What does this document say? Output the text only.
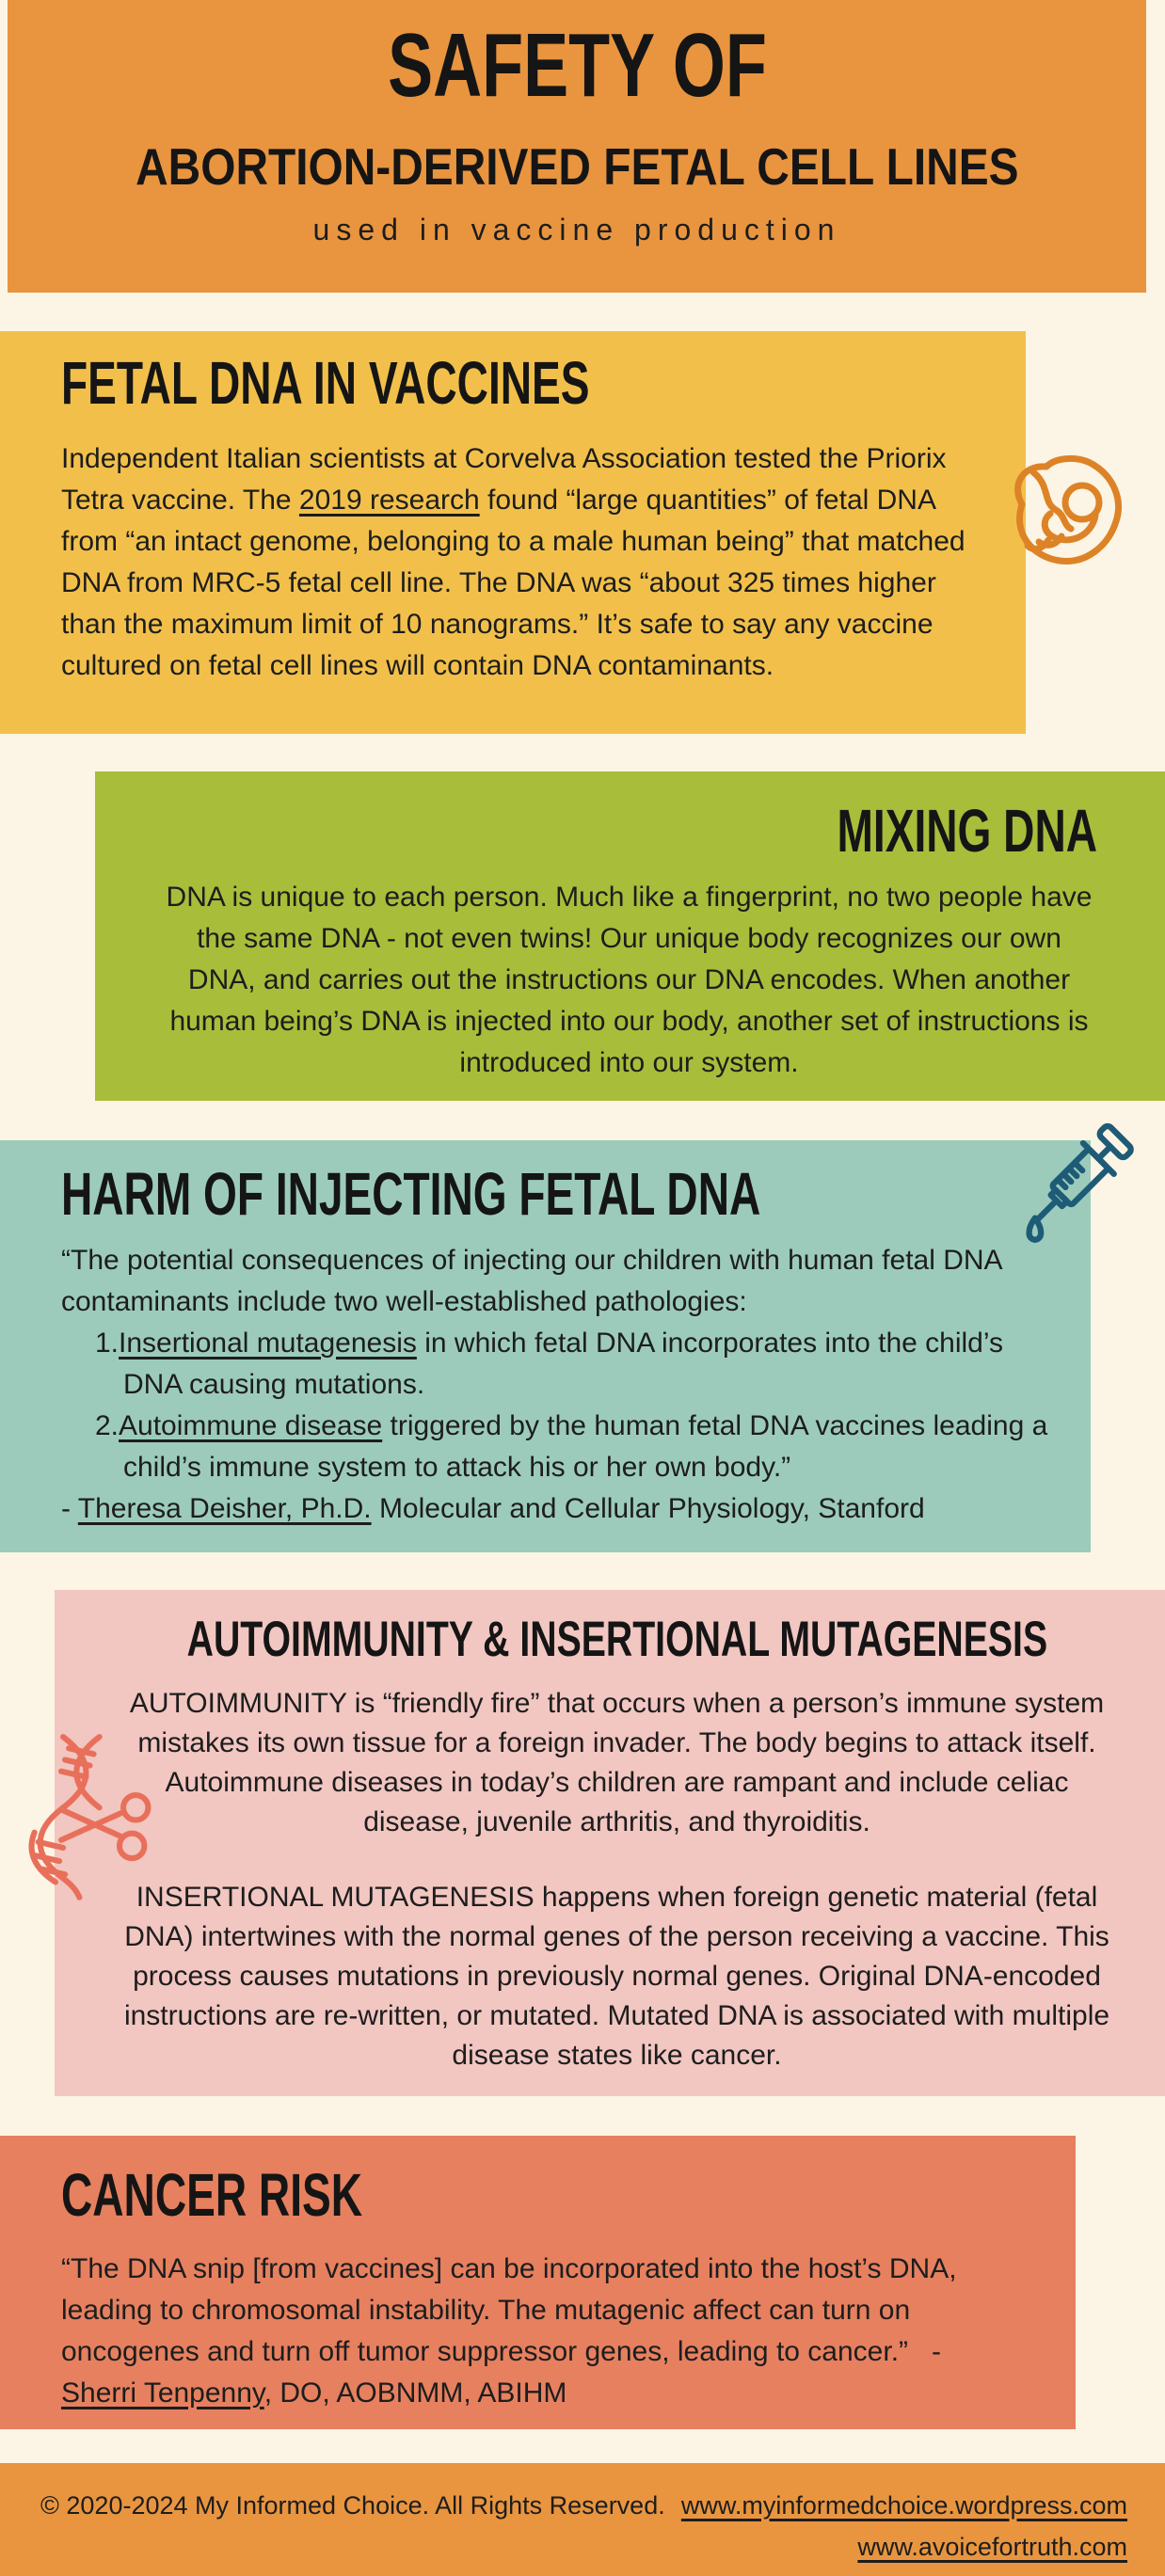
SAFETY OF
ABORTION-DERIVED FETAL CELL LINES
used in vaccine production
FETAL DNA IN VACCINES

Independent Italian scientists at Corvelva Association tested the Priorix Tetra vaccine. The 2019 research found “large quantities” of fetal DNA from “an intact genome, belonging to a male human being” that matched DNA from MRC-5 fetal cell line. The DNA was “about 325 times higher than the maximum limit of 10 nanograms.” It’s safe to say any vaccine cultured on fetal cell lines will contain DNA contaminants.

MIXING DNA

DNA is unique to each person. Much like a fingerprint, no two people have the same DNA - not even twins! Our unique body recognizes our own DNA, and carries out the instructions our DNA encodes. When another human being’s DNA is injected into our body, another set of instructions is introduced into our system.

HARM OF INJECTING FETAL DNA

“The potential consequences of injecting our children with human fetal DNA contaminants include two well-established pathologies:

1.Insertional mutagenesis in which fetal DNA incorporates into the child’s DNA causing mutations.
2.Autoimmune disease triggered by the human fetal DNA vaccines leading a child’s immune system to attack his or her own body.”

- Theresa Deisher, Ph.D. Molecular and Cellular Physiology, Stanford

AUTOIMMUNITY & INSERTIONAL MUTAGENESIS

AUTOIMMUNITY is “friendly fire” that occurs when a person’s immune system mistakes its own tissue for a foreign invader. The body begins to attack itself. Autoimmune diseases in today’s children are rampant and include celiac disease, juvenile arthritis, and thyroiditis.

INSERTIONAL MUTAGENESIS happens when foreign genetic material (fetal DNA) intertwines with the normal genes of the person receiving a vaccine. This process causes mutations in previously normal genes. Original DNA-encoded instructions are re-written, or mutated. Mutated DNA is associated with multiple disease states like cancer.

CANCER RISK

“The DNA snip [from vaccines] can be incorporated into the host’s DNA, leading to chromosomal instability. The mutagenic affect can turn on oncogenes and turn off tumor suppressor genes, leading to cancer.”   - Sherri Tenpenny, DO, AOBNMM, ABIHM

© 2020-2024 My Informed Choice. All Rights Reserved. www.myinformedchoice.wordpress.com
www.avoicefortruth.com
